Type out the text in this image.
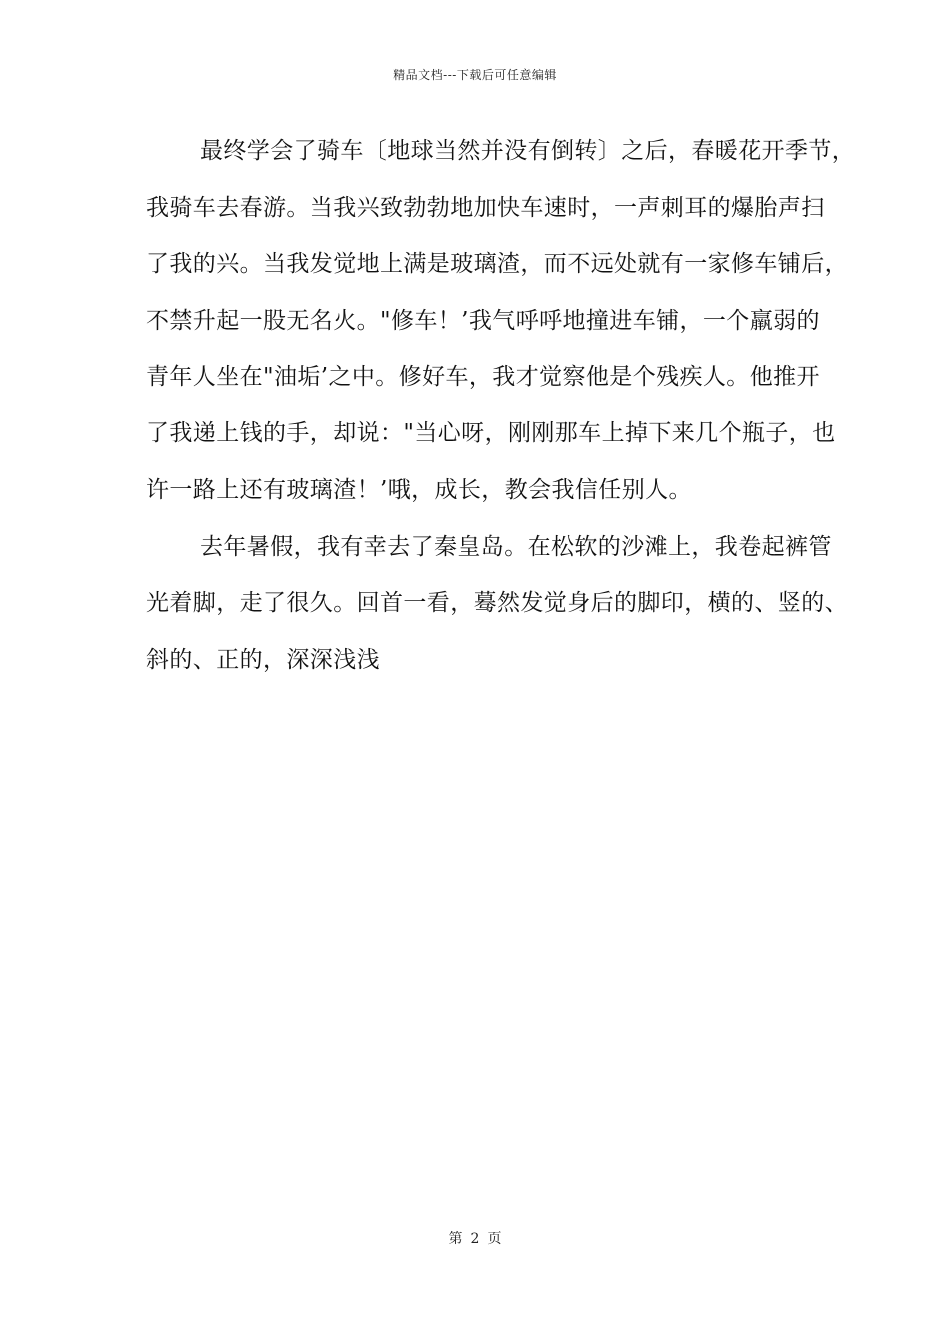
精品文档---下载后可任意编辑
最终学会了骑车〔地球当然并没有倒转〕之后，春暖花开季节，
我骑车去春游。当我兴致勃勃地加快车速时，一声刺耳的爆胎声扫
了我的兴。当我发觉地上满是玻璃渣，而不远处就有一家修车铺后，
不禁升起一股无名火。"修车！’我气呼呼地撞进车铺，一个羸弱的
青年人坐在"油垢’之中。修好车，我才觉察他是个残疾人。他推开
了我递上钱的手，却说："当心呀，刚刚那车上掉下来几个瓶子，也
许一路上还有玻璃渣！’哦，成长，教会我信任别人。
去年暑假，我有幸去了秦皇岛。在松软的沙滩上，我卷起裤管
光着脚，走了很久。回首一看，蓦然发觉身后的脚印，横的、竖的、
斜的、正的，深深浅浅
第 2 页
